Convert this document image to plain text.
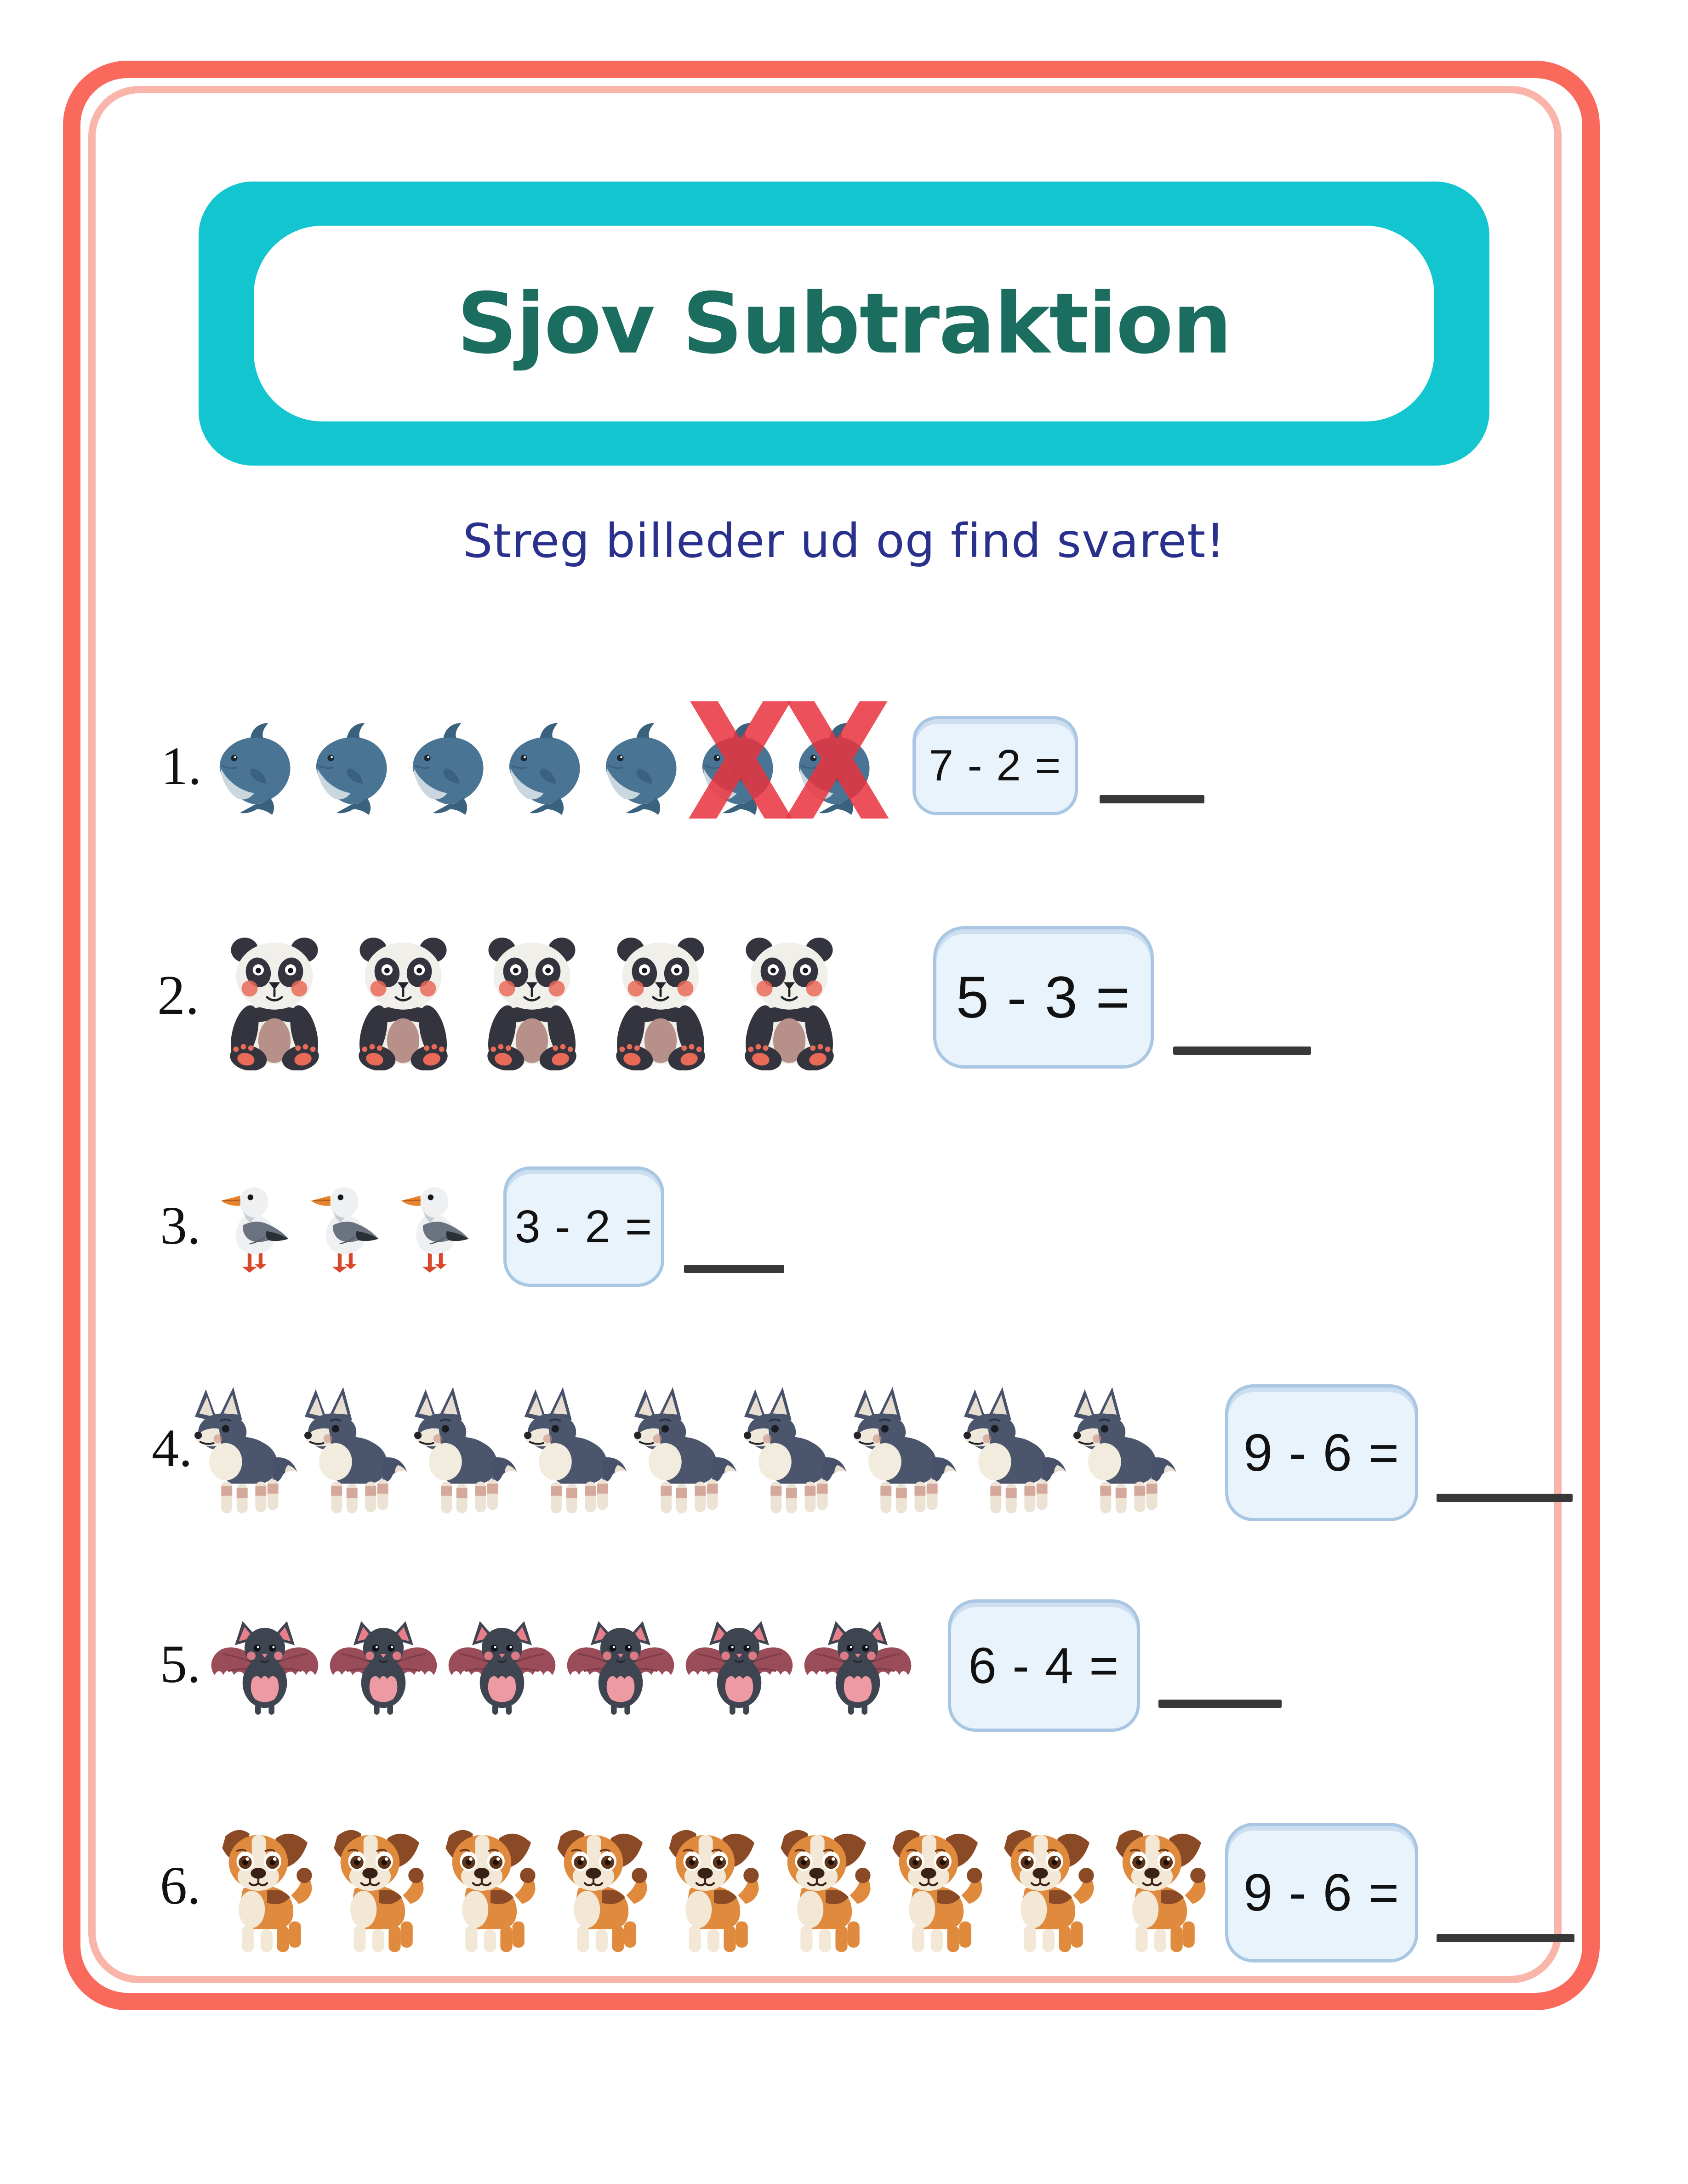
Sjov Subtraktion

Streg billeder ud og find svaret!

1.	X
X 7 - 2 =
2.	5 - 3 =
3.	3 - 2 =
4.	9 - 6 =
5.	6 - 4 =
6.	9 - 6 =
